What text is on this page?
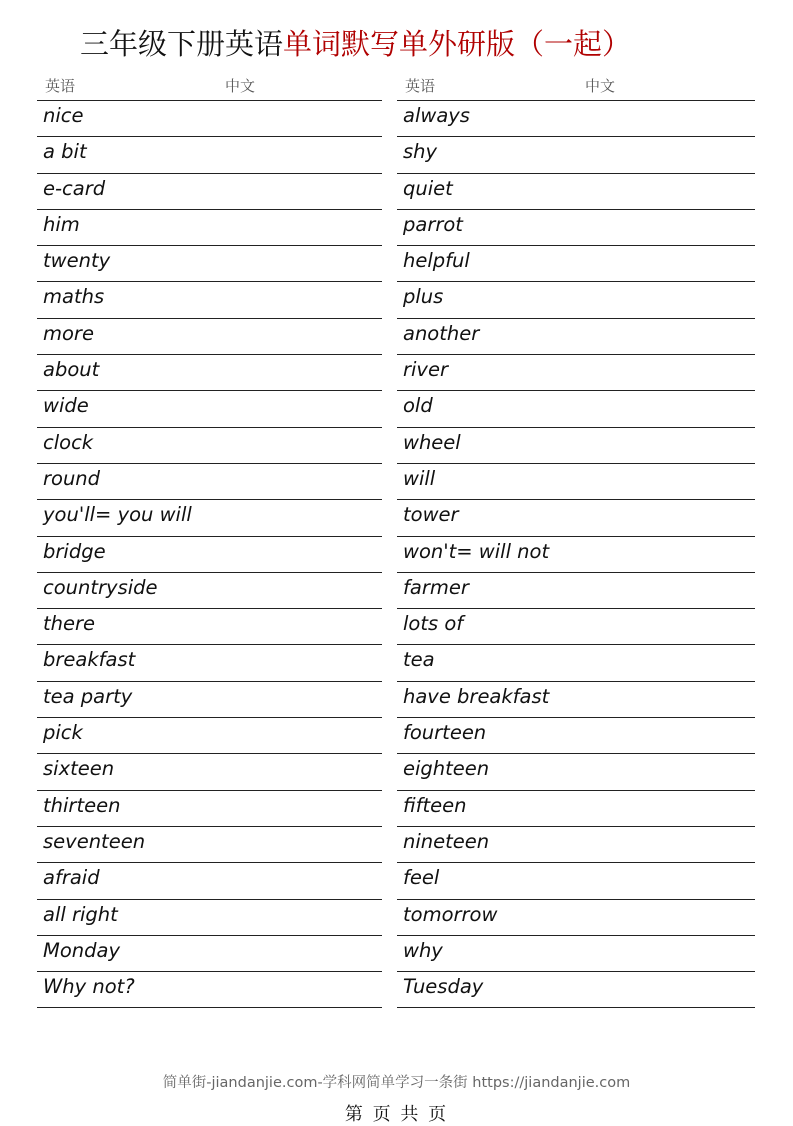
三年级下册英语单词默写单外研版（一起）
英语	中文
nice
a bit
e-card
him
twenty
maths
more
about
wide
clock
round
you'll= you will
bridge
countryside
there
breakfast
tea party
pick
sixteen
thirteen
seventeen
afraid
all right
Monday
Why not?
英语	中文
always
shy
quiet
parrot
helpful
plus
another
river
old
wheel
will
tower
won't= will not
farmer
lots of
tea
have breakfast
fourteen
eighteen
fifteen
nineteen
feel
tomorrow
why
Tuesday
简单街-jiandanjie.com-学科网简单学习一条街 https://jiandanjie.com
第 页 共 页
